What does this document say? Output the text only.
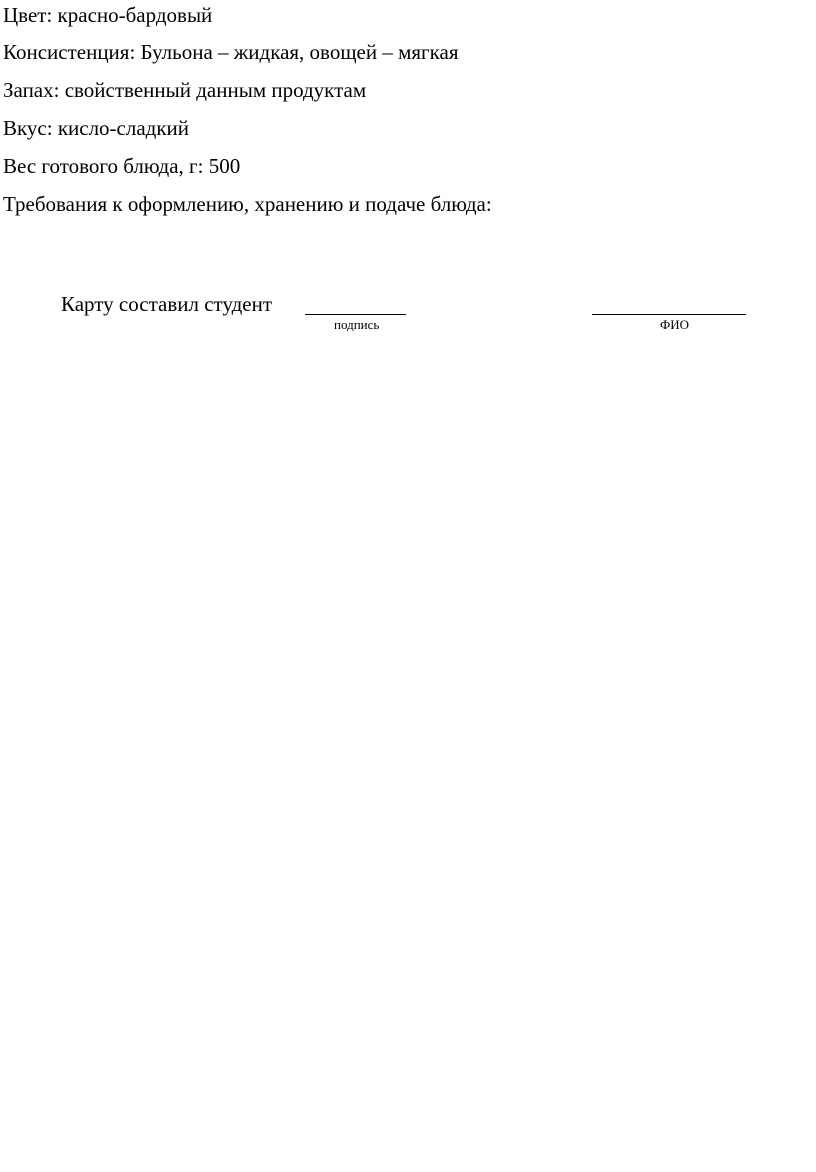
Цвет: красно-бардовый
Консистенция: Бульона – жидкая, овощей – мягкая
Запах: свойственный данным продуктам
Вкус: кисло-сладкий
Вес готового блюда, г: 500
Требования к оформлению, хранению и подаче блюда:
Карту составил студент
подпись	ФИО
